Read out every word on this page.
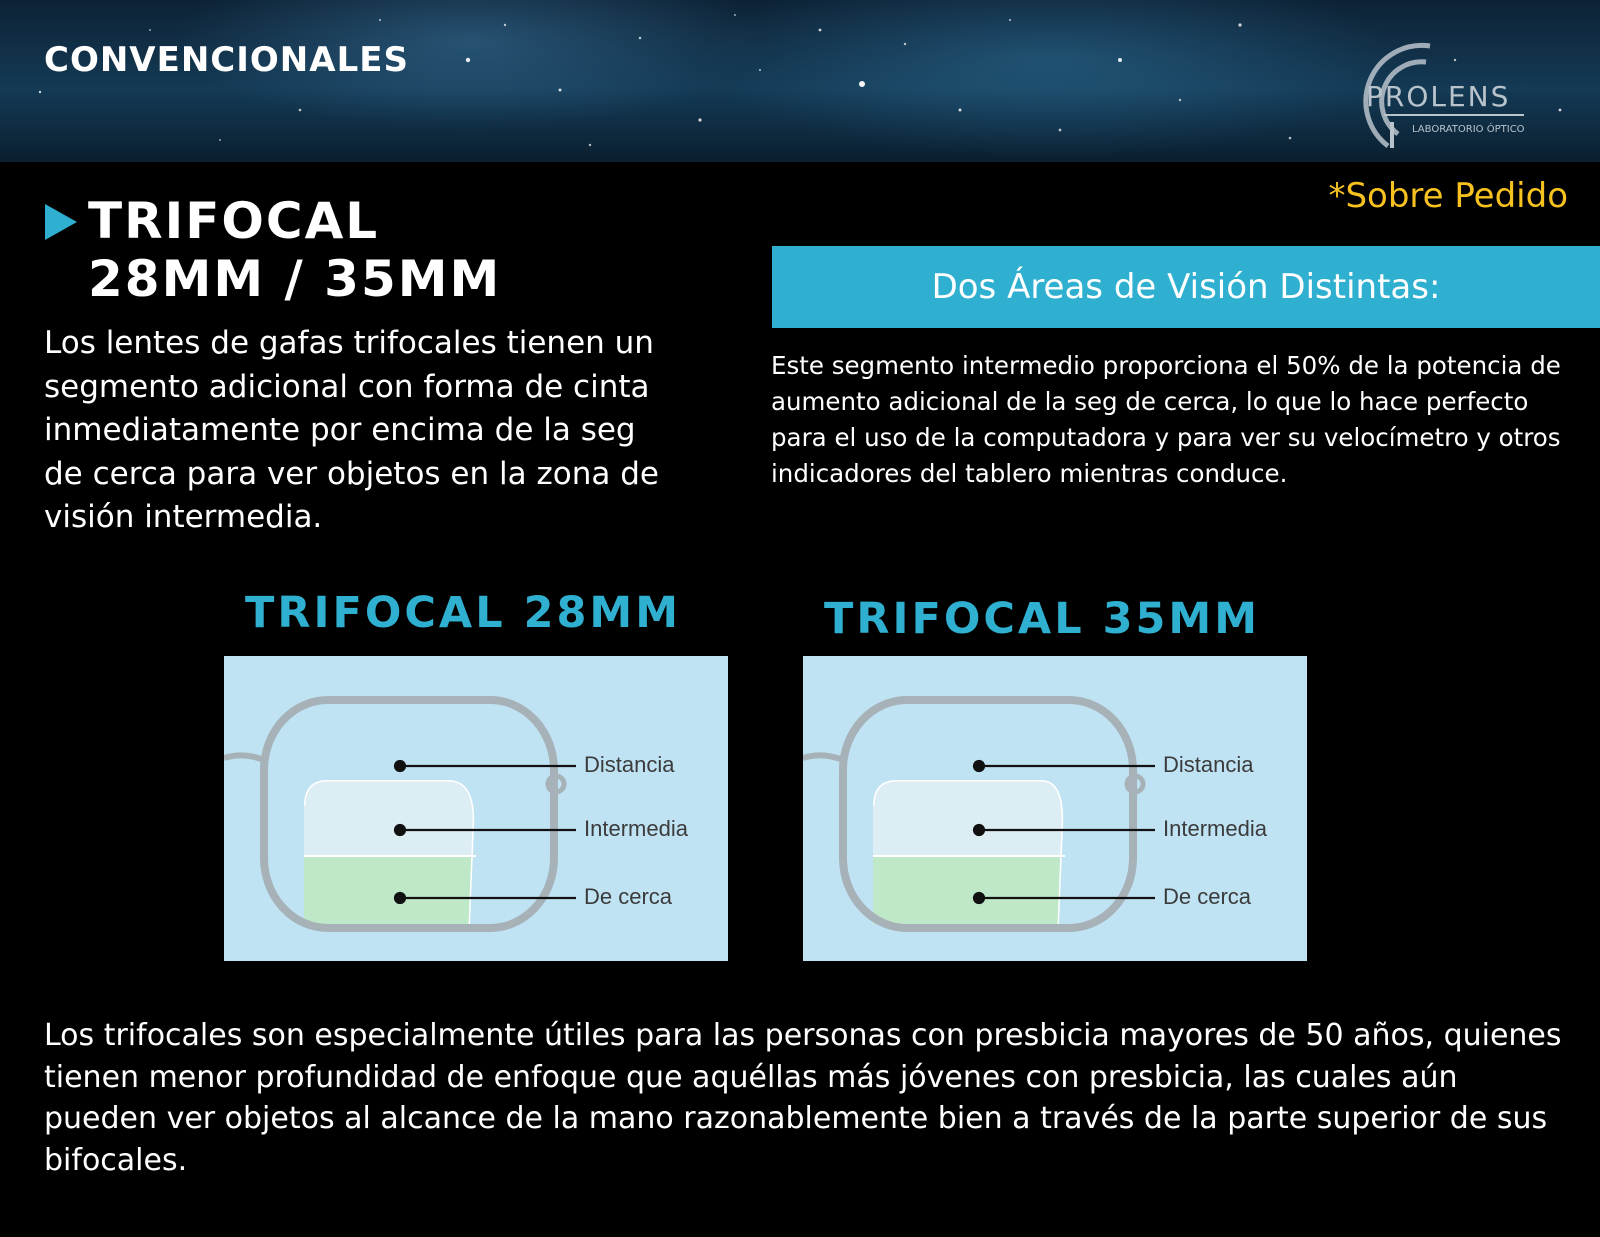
CONVENCIONALES
PROLENS
LABORATORIO ÓPTICO

*Sobre Pedido

TRIFOCAL
28MM / 35MM

Los lentes de gafas trifocales tienen un segmento adicional con forma de cinta inmediatamente por encima de la seg de cerca para ver objetos en la zona de visión intermedia.

Dos Áreas de Visión Distintas:

Este segmento intermedio proporciona el 50% de la potencia de aumento adicional de la seg de cerca, lo que lo hace perfecto para el uso de la computadora y para ver su velocímetro y otros indicadores del tablero mientras conduce.

TRIFOCAL 28MM
Distancia
Intermedia
De cerca
TRIFOCAL 35MM
Distancia
Intermedia
De cerca

Los trifocales son especialmente útiles para las personas con presbicia mayores de 50 años, quienes tienen menor profundidad de enfoque que aquéllas más jóvenes con presbicia, las cuales aún pueden ver objetos al alcance de la mano razonablemente bien a través de la parte superior de sus bifocales.
